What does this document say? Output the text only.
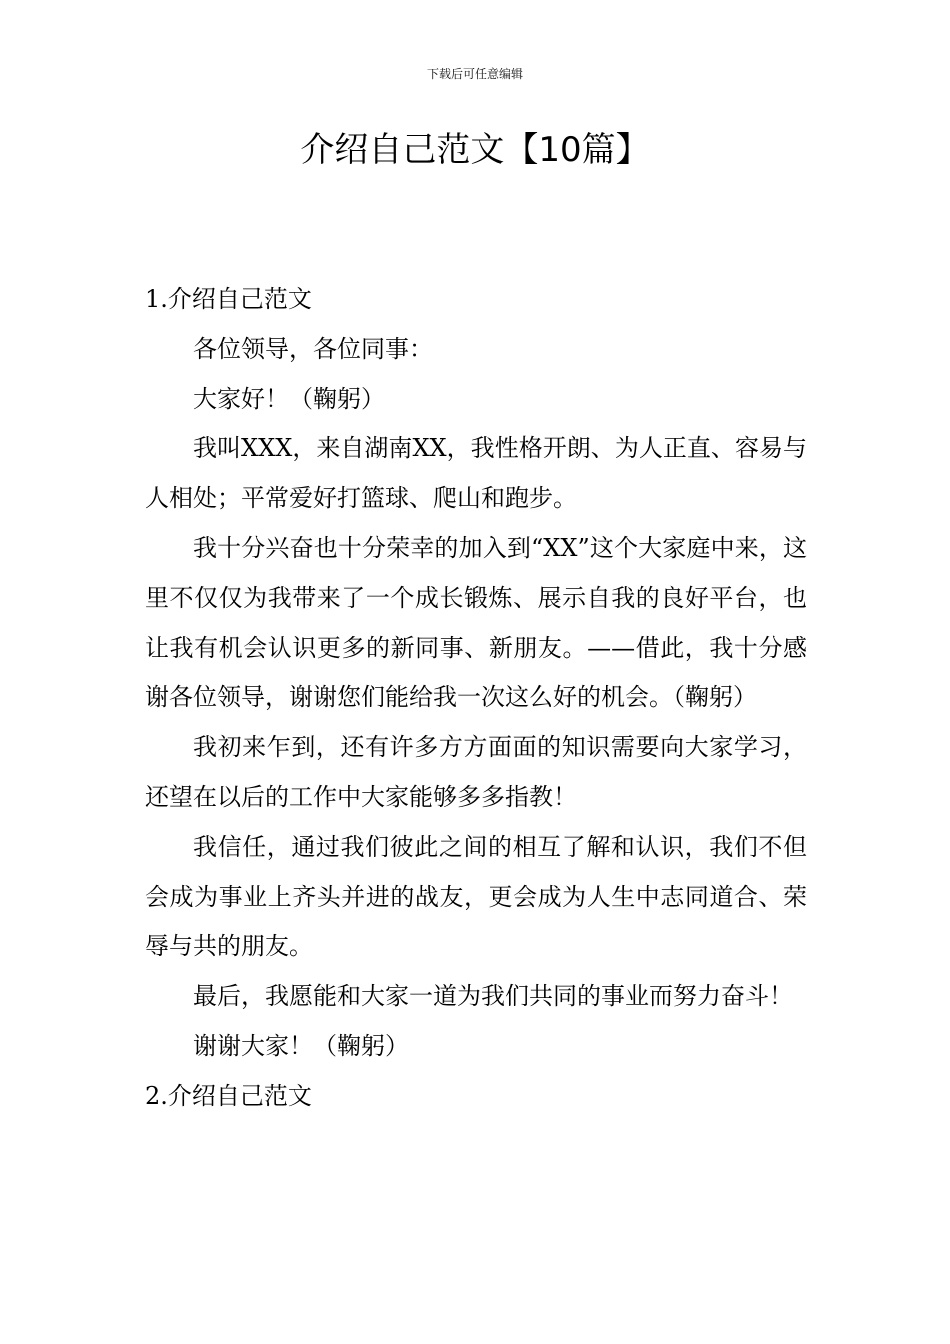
下载后可任意编辑
介绍自己范文【10篇】

1.介绍自己范文

各位领导，各位同事：

大家好！（鞠躬）

我叫XXX，来自湖南XX，我性格开朗、为人正直、容易与人相处；平常爱好打篮球、爬山和跑步。

我十分兴奋也十分荣幸的加入到“XX”这个大家庭中来，这里不仅仅为我带来了一个成长锻炼、展示自我的良好平台，也让我有机会认识更多的新同事、新朋友。——借此，我十分感谢各位领导，谢谢您们能给我一次这么好的机会。（鞠躬）

我初来乍到，还有许多方方面面的知识需要向大家学习，还望在以后的工作中大家能够多多指教！

我信任，通过我们彼此之间的相互了解和认识，我们不但会成为事业上齐头并进的战友，更会成为人生中志同道合、荣辱与共的朋友。

最后，我愿能和大家一道为我们共同的事业而努力奋斗！

谢谢大家！（鞠躬）

2.介绍自己范文
